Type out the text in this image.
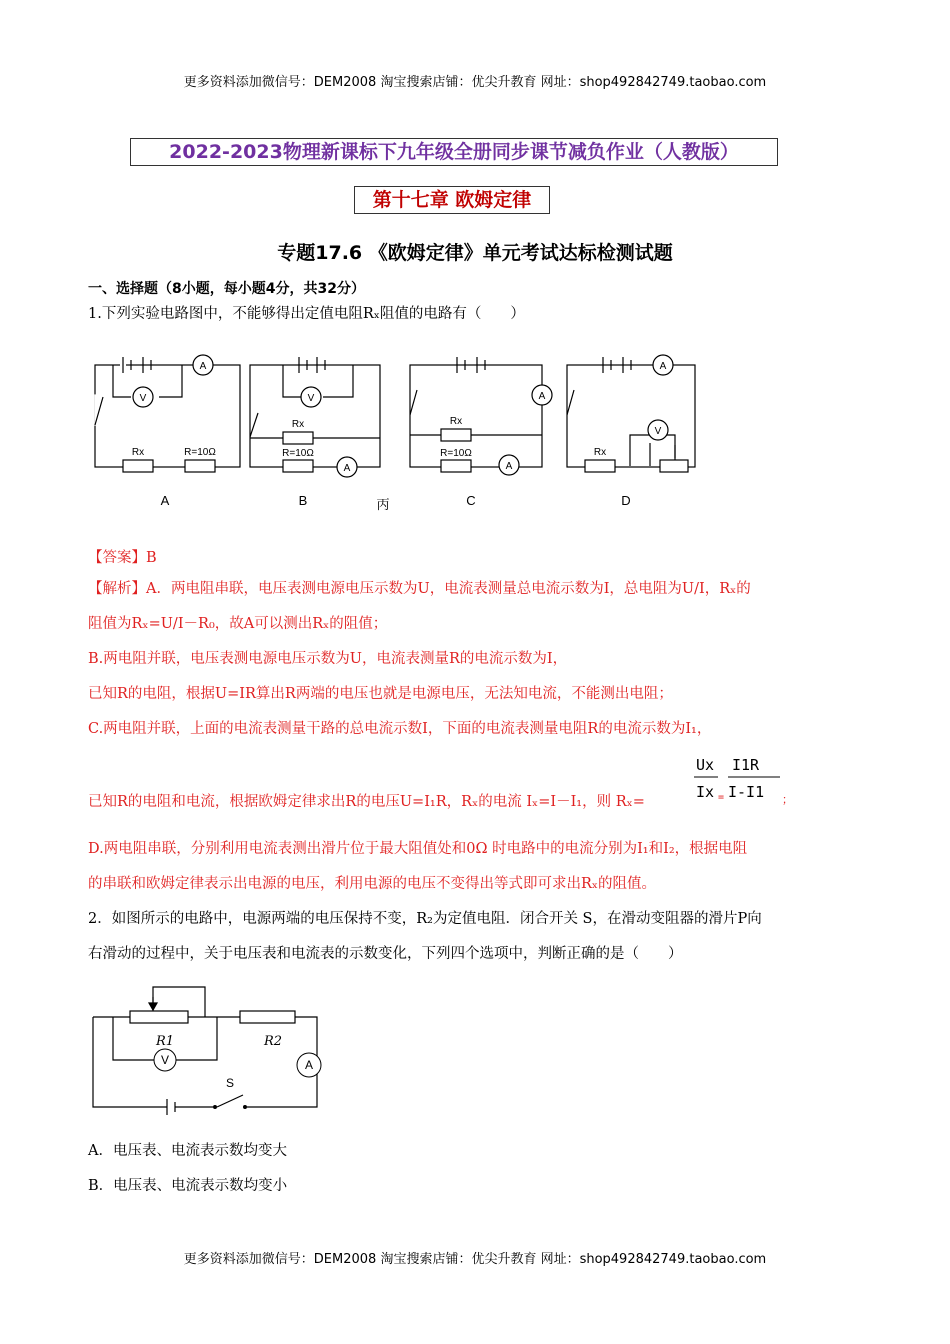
更多资料添加微信号：DEM2008 淘宝搜索店铺：优尖升教育 网址：shop492842749.taobao.com
2022-2023物理新课标下九年级全册同步课节减负作业（人教版）
第十七章 欧姆定律
专题17.6 《欧姆定律》单元考试达标检测试题
一、选择题（8小题，每小题4分，共32分）
1.下列实验电路图中，不能够得出定值电阻Rₓ阻值的电路有（　　）
A
V
Rx	R=10Ω
V
Rx
R=10Ω
A
A
Rx
R=10Ω
A
A
V
Rx
A	B	丙	C	D
【答案】B
【解析】A．两电阻串联，电压表测电源电压示数为U，电流表测量总电流示数为I，总电阻为U/I，Rₓ的
阻值为Rₓ=U/I－R₀，故A可以测出Rₓ的阻值；
B.两电阻并联，电压表测电源电压示数为U，电流表测量R的电流示数为I，
已知R的电阻，根据U=IR算出R两端的电压也就是电源电压，无法知电流，不能测出电阻；
C.两电阻并联，上面的电流表测量干路的总电流示数I，下面的电流表测量电阻R的电流示数为I₁，
已知R的电阻和电流，根据欧姆定律求出R的电压U=I₁R，Rₓ的电流 Iₓ=I－I₁，则 Rₓ=
Ux
Ix =
I1R
I-I1 ；
D.两电阻串联，分别利用电流表测出滑片位于最大阻值处和0Ω 时电路中的电流分别为I₁和I₂，根据电阻
的串联和欧姆定律表示出电源的电压，利用电源的电压不变得出等式即可求出Rₓ的阻值。
2．如图所示的电路中，电源两端的电压保持不变，R₂为定值电阻．闭合开关 S，在滑动变阻器的滑片P向
右滑动的过程中，关于电压表和电流表的示数变化，下列四个选项中，判断正确的是（　　）
R1	R2
V	A
S
A．电压表、电流表示数均变大
B．电压表、电流表示数均变小
更多资料添加微信号：DEM2008 淘宝搜索店铺：优尖升教育 网址：shop492842749.taobao.com
